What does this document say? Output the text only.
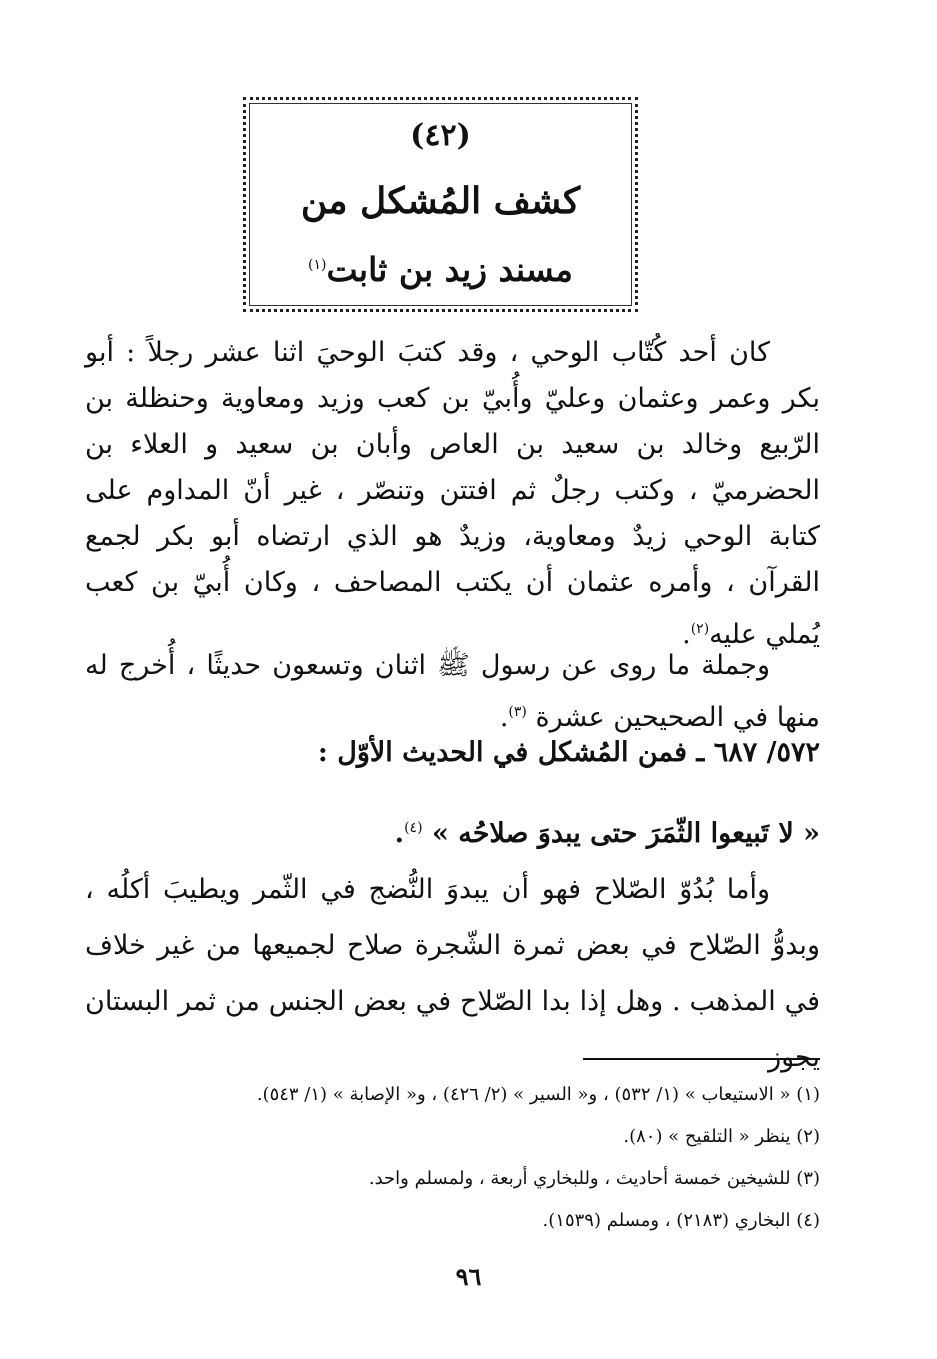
(٤٢)
كشف المُشكل من
مسند زيد بن ثابت$^{(١)}$
كان أحد كُتّاب الوحي ، وقد كتبَ الوحيَ اثنا عشر رجلاً : أبو بكر وعمر وعثمان وعليّ وأُبيّ بن كعب وزيد ومعاوية وحنظلة بن الرّبيع وخالد بن سعيد بن العاص وأبان بن سعيد و العلاء بن الحضرميّ ، وكتب رجلٌ ثم افتتن وتنصّر ، غير أنّ المداوم على كتابة الوحي زيدٌ ومعاوية، وزيدٌ هو الذي ارتضاه أبو بكر لجمع القرآن ، وأمره عثمان أن يكتب المصاحف ، وكان أُبيّ بن كعب يُملي عليه$^{(٢)}$.
وجملة ما روى عن رسول ﷺ اثنان وتسعون حديثًا ، أُخرج له منها في الصحيحين عشرة $^{(٣)}$.
٥٧٢/ ٦٨٧ ـ فمن المُشكل في الحديث الأوّل :
« لا تَبيعوا الثّمَرَ حتى يبدوَ صلاحُه » $^{(٤)}$.
وأما بُدُوّ الصّلاح فهو أن يبدوَ النُّضج في الثّمر ويطيبَ أكلُه ، وبدوُّ الصّلاح في بعض ثمرة الشّجرة صلاح لجميعها من غير خلاف في المذهب . وهل إذا بدا الصّلاح في بعض الجنس من ثمر البستان يجوز

(١) « الاستيعاب » (١/ ٥٣٢) ، و« السير » (٢/ ٤٢٦) ، و« الإصابة » (١/ ٥٤٣).

(٢) ينظر « التلقيح » (٨٠).

(٣) للشيخين خمسة أحاديث ، وللبخاري أربعة ، ولمسلم واحد.

(٤) البخاري (٢١٨٣) ، ومسلم (١٥٣٩).

٩٦
